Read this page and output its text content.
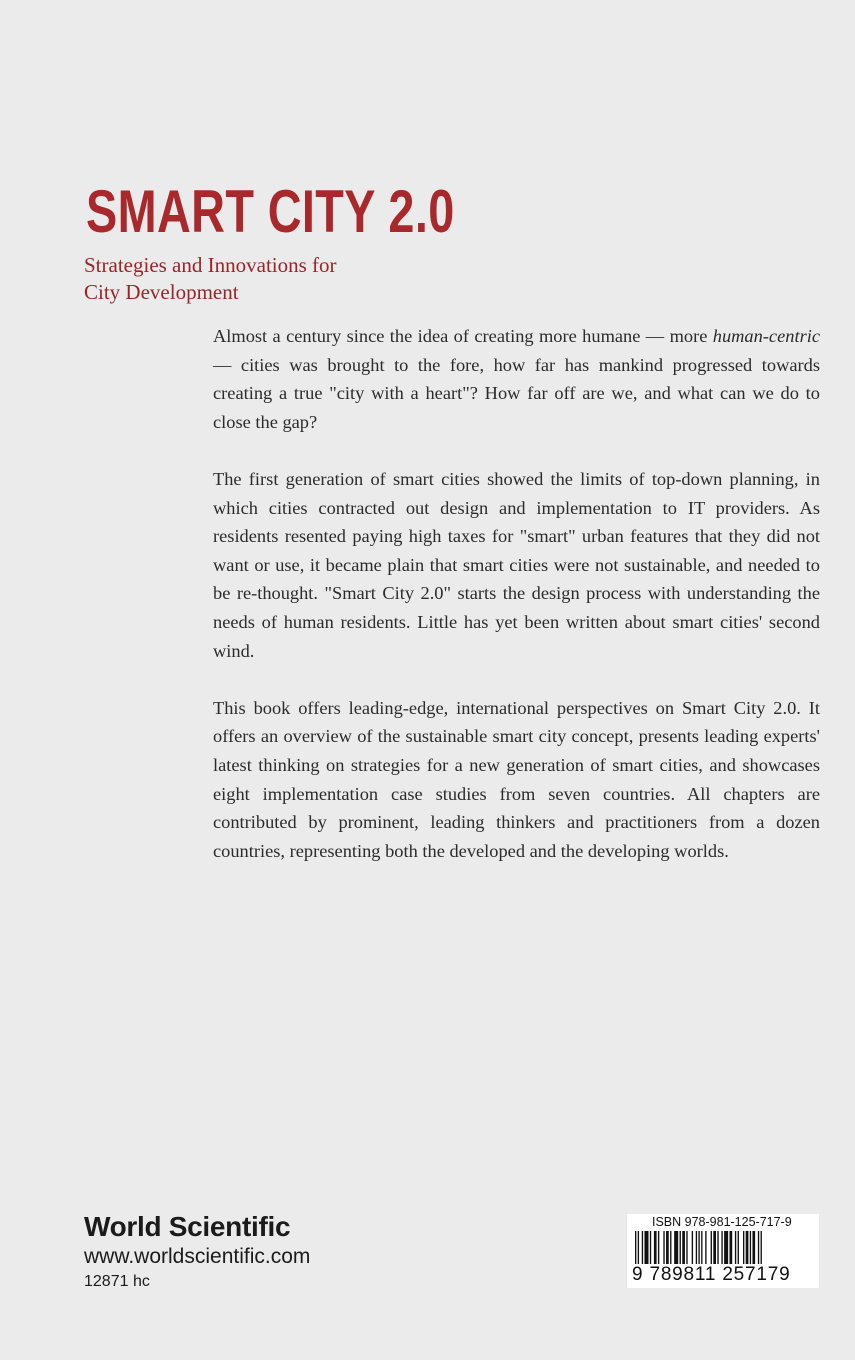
SMART CITY 2.0
Strategies and Innovations for
City Development

Almost a century since the idea of creating more humane — more human-centric — cities was brought to the fore, how far has mankind progressed towards creating a true "city with a heart"? How far off are we, and what can we do to close the gap?

The first generation of smart cities showed the limits of top-down planning, in which cities contracted out design and implementation to IT providers. As residents resented paying high taxes for "smart" urban features that they did not want or use, it became plain that smart cities were not sustainable, and needed to be re-thought. "Smart City 2.0" starts the design process with understanding the needs of human residents. Little has yet been written about smart cities' second wind.

This book offers leading-edge, international perspectives on Smart City 2.0. It offers an overview of the sustainable smart city concept, presents leading experts' latest thinking on strategies for a new generation of smart cities, and showcases eight implementation case studies from seven countries. All chapters are contributed by prominent, leading thinkers and practitioners from a dozen countries, representing both the developed and the developing worlds.

World Scientific
www.worldscientific.com
12871 hc
ISBN 978-981-125-717-9
9 789811 257179
